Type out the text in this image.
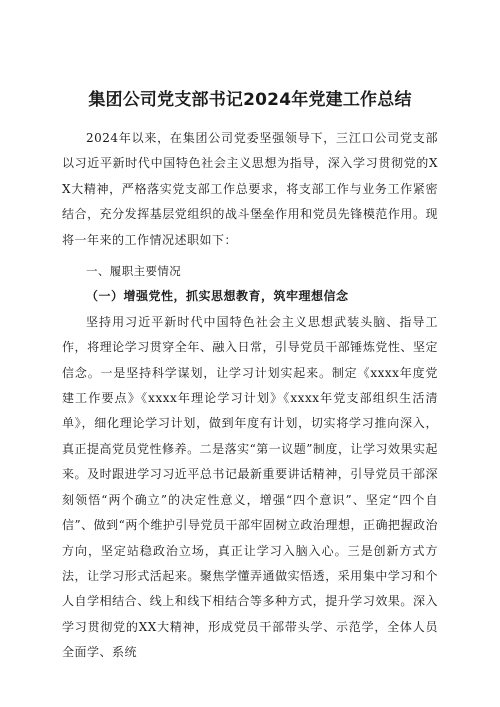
集团公司党支部书记2024年党建工作总结

2024年以来，在集团公司党委坚强领导下，三江口公司党支部以习近平新时代中国特色社会主义思想为指导，深入学习贯彻党的XX大精神，严格落实党支部工作总要求，将支部工作与业务工作紧密结合，充分发挥基层党组织的战斗堡垒作用和党员先锋模范作用。现将一年来的工作情况述职如下：

一、履职主要情况

（一）增强党性，抓实思想教育，筑牢理想信念

坚持用习近平新时代中国特色社会主义思想武装头脑、指导工作，将理论学习贯穿全年、融入日常，引导党员干部锤炼党性、坚定信念。一是坚持科学谋划，让学习计划实起来。制定《xxxx年度党建工作要点》《xxxx年理论学习计划》《xxxx年党支部组织生活清单》，细化理论学习计划，做到年度有计划，切实将学习推向深入，真正提高党员党性修养。二是落实“第一议题”制度，让学习效果实起来。及时跟进学习习近平总书记最新重要讲话精神，引导党员干部深刻领悟“两个确立”的决定性意义，增强“四个意识”、坚定“四个自信”、做到“两个维护引导党员干部牢固树立政治理想，正确把握政治方向，坚定站稳政治立场，真正让学习入脑入心。三是创新方式方法，让学习形式活起来。聚焦学懂弄通做实悟透，采用集中学习和个人自学相结合、线上和线下相结合等多种方式，提升学习效果。深入学习贯彻党的XX大精神，形成党员干部带头学、示范学，全体人员全面学、系统
